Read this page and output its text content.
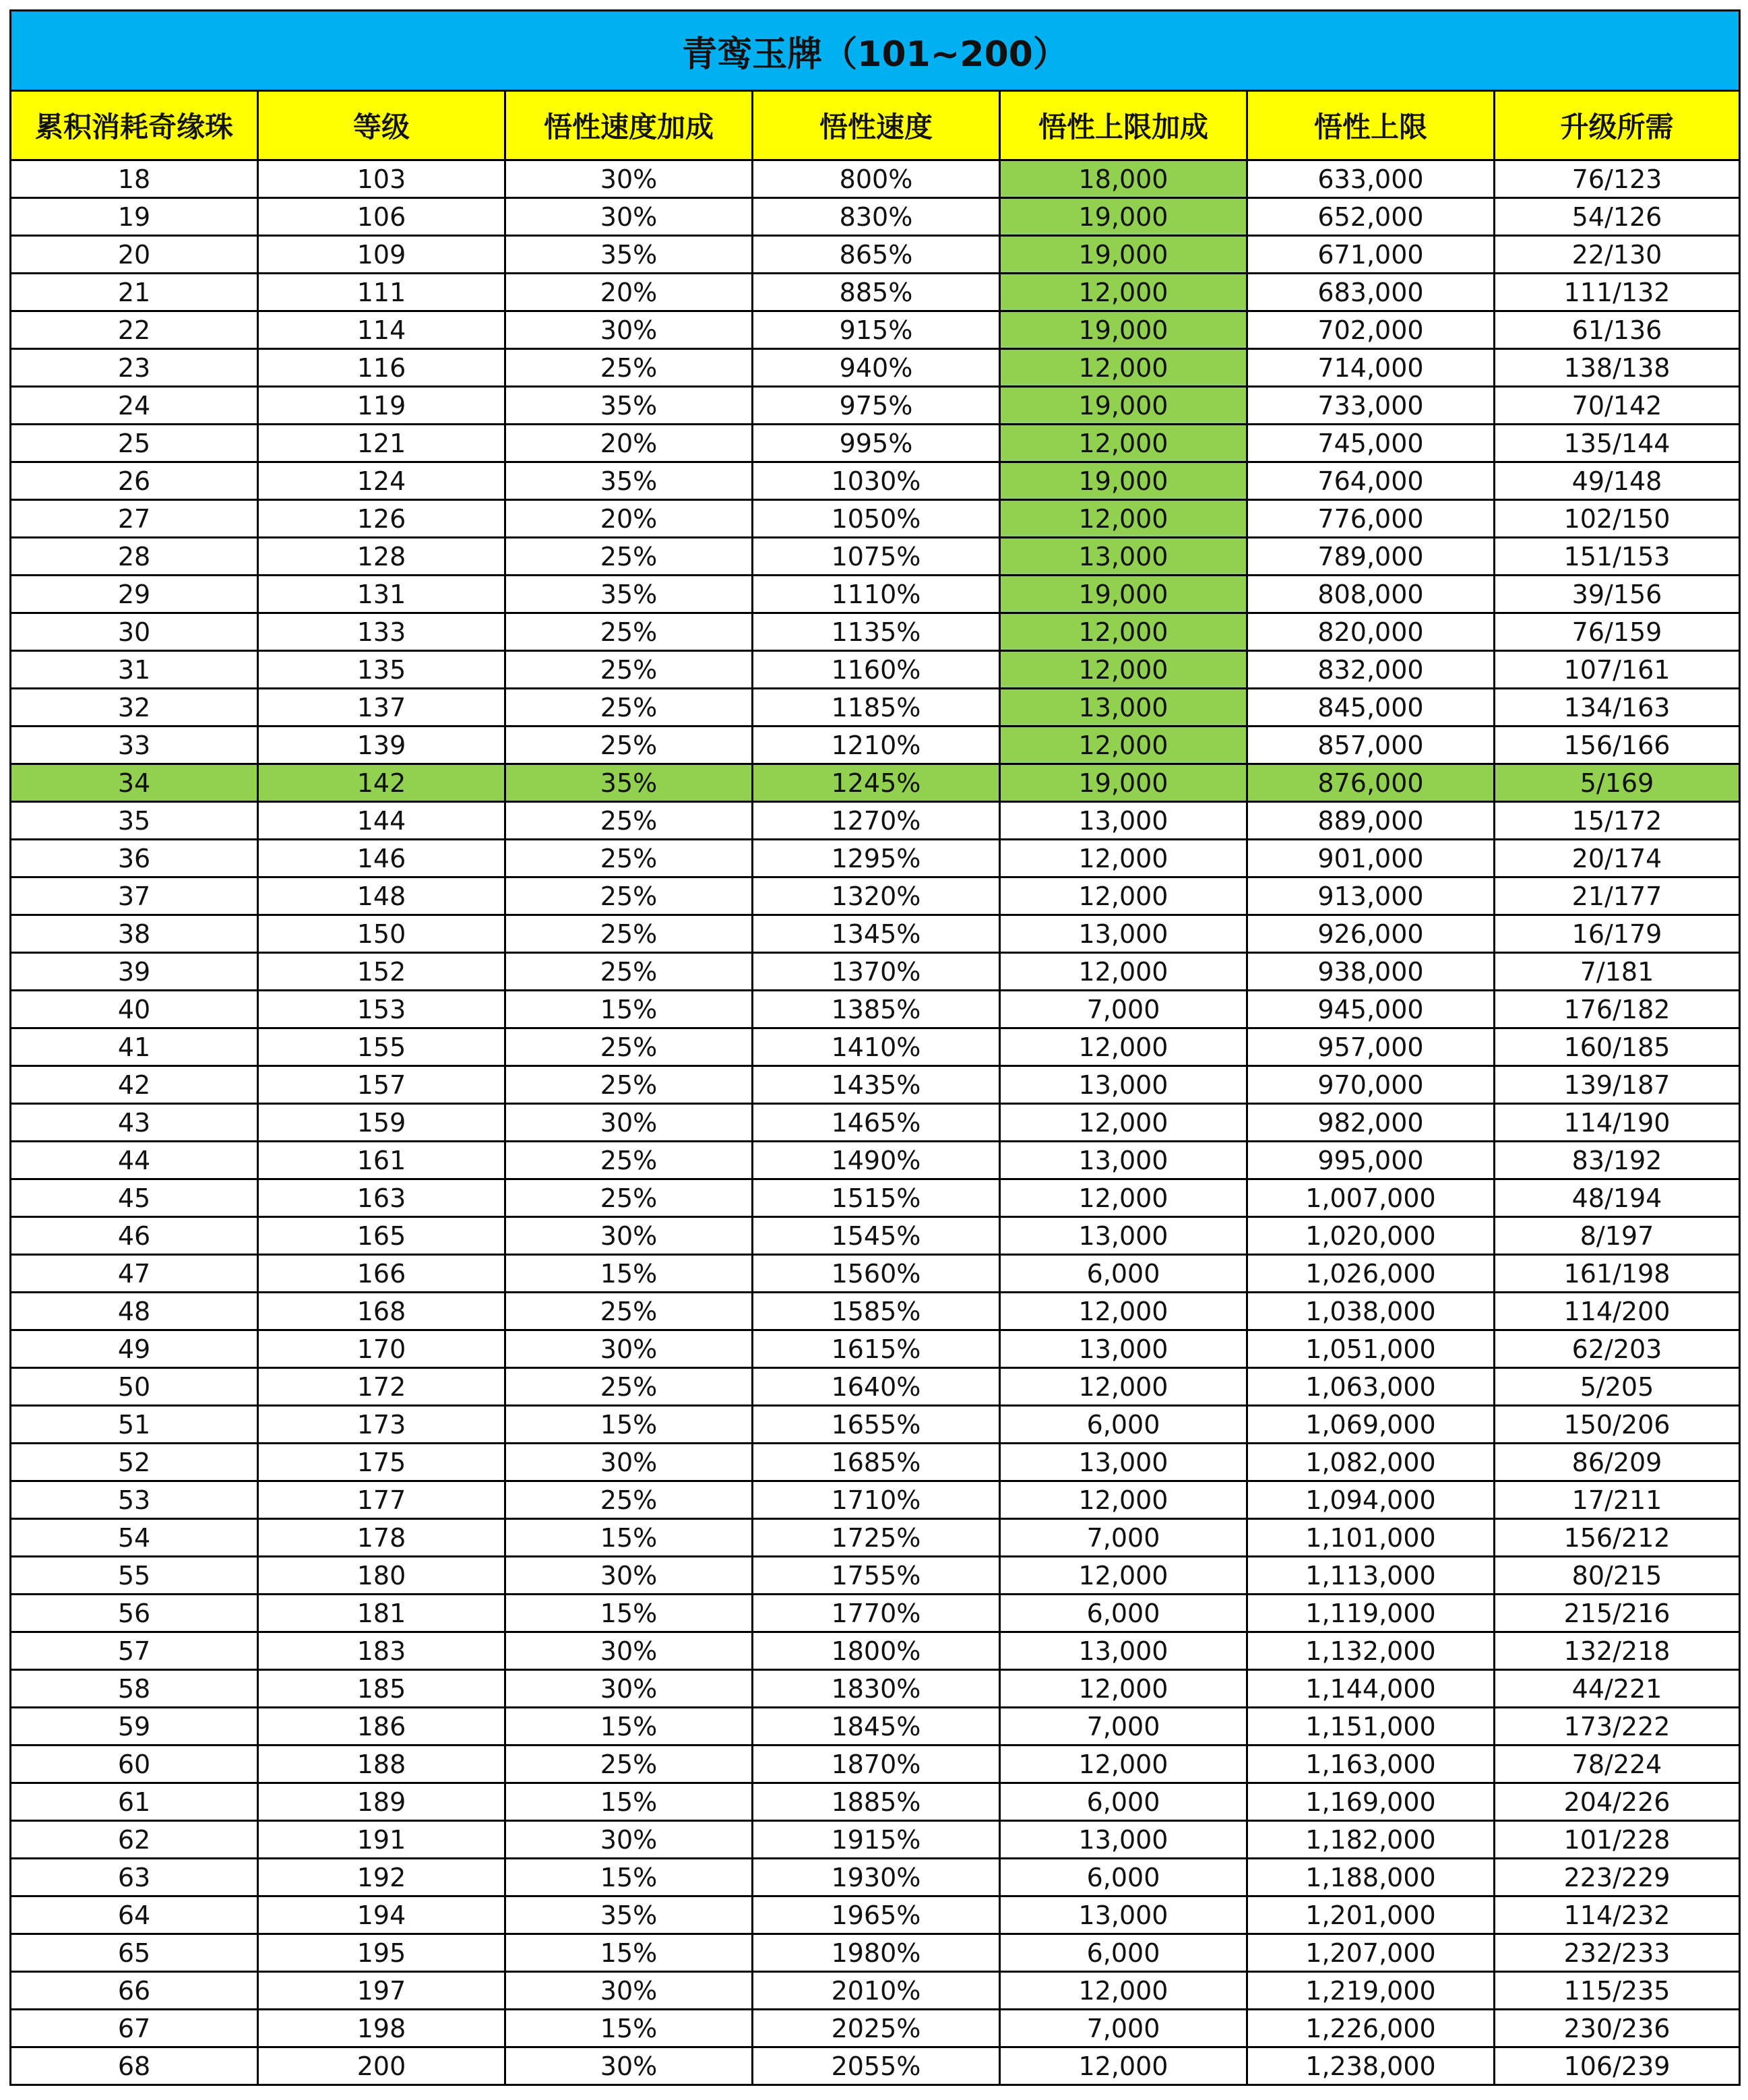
青鸾玉牌（101~200）						
累积消耗奇缘珠	等级	悟性速度加成	悟性速度	悟性上限加成	悟性上限	升级所需
18	103	30%	800%	18,000	633,000	76/123
19	106	30%	830%	19,000	652,000	54/126
20	109	35%	865%	19,000	671,000	22/130
21	111	20%	885%	12,000	683,000	111/132
22	114	30%	915%	19,000	702,000	61/136
23	116	25%	940%	12,000	714,000	138/138
24	119	35%	975%	19,000	733,000	70/142
25	121	20%	995%	12,000	745,000	135/144
26	124	35%	1030%	19,000	764,000	49/148
27	126	20%	1050%	12,000	776,000	102/150
28	128	25%	1075%	13,000	789,000	151/153
29	131	35%	1110%	19,000	808,000	39/156
30	133	25%	1135%	12,000	820,000	76/159
31	135	25%	1160%	12,000	832,000	107/161
32	137	25%	1185%	13,000	845,000	134/163
33	139	25%	1210%	12,000	857,000	156/166
34	142	35%	1245%	19,000	876,000	5/169
35	144	25%	1270%	13,000	889,000	15/172
36	146	25%	1295%	12,000	901,000	20/174
37	148	25%	1320%	12,000	913,000	21/177
38	150	25%	1345%	13,000	926,000	16/179
39	152	25%	1370%	12,000	938,000	7/181
40	153	15%	1385%	7,000	945,000	176/182
41	155	25%	1410%	12,000	957,000	160/185
42	157	25%	1435%	13,000	970,000	139/187
43	159	30%	1465%	12,000	982,000	114/190
44	161	25%	1490%	13,000	995,000	83/192
45	163	25%	1515%	12,000	1,007,000	48/194
46	165	30%	1545%	13,000	1,020,000	8/197
47	166	15%	1560%	6,000	1,026,000	161/198
48	168	25%	1585%	12,000	1,038,000	114/200
49	170	30%	1615%	13,000	1,051,000	62/203
50	172	25%	1640%	12,000	1,063,000	5/205
51	173	15%	1655%	6,000	1,069,000	150/206
52	175	30%	1685%	13,000	1,082,000	86/209
53	177	25%	1710%	12,000	1,094,000	17/211
54	178	15%	1725%	7,000	1,101,000	156/212
55	180	30%	1755%	12,000	1,113,000	80/215
56	181	15%	1770%	6,000	1,119,000	215/216
57	183	30%	1800%	13,000	1,132,000	132/218
58	185	30%	1830%	12,000	1,144,000	44/221
59	186	15%	1845%	7,000	1,151,000	173/222
60	188	25%	1870%	12,000	1,163,000	78/224
61	189	15%	1885%	6,000	1,169,000	204/226
62	191	30%	1915%	13,000	1,182,000	101/228
63	192	15%	1930%	6,000	1,188,000	223/229
64	194	35%	1965%	13,000	1,201,000	114/232
65	195	15%	1980%	6,000	1,207,000	232/233
66	197	30%	2010%	12,000	1,219,000	115/235
67	198	15%	2025%	7,000	1,226,000	230/236
68	200	30%	2055%	12,000	1,238,000	106/239
